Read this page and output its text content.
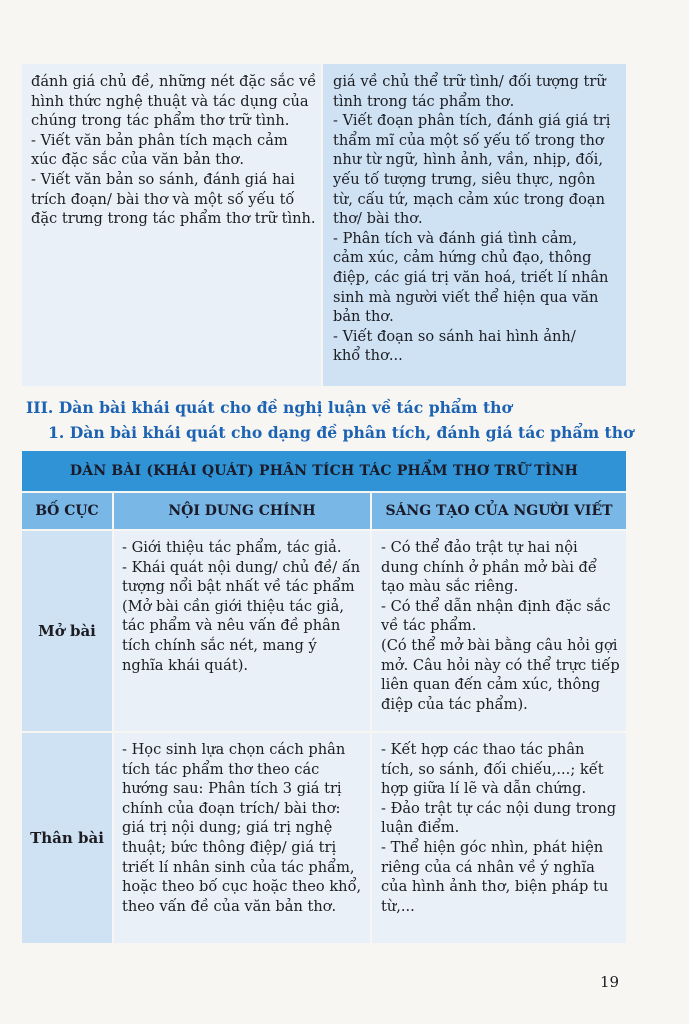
đánh giá chủ đề, những nét đặc sắc về
hình thức nghệ thuật và tác dụng của
chúng trong tác phẩm thơ trữ tình.
- Viết văn bản phân tích mạch cảm
xúc đặc sắc của văn bản thơ.
- Viết văn bản so sánh, đánh giá hai
trích đoạn/ bài thơ và một số yếu tố
đặc trưng trong tác phẩm thơ trữ tình.
giá về chủ thể trữ tình/ đối tượng trữ
tình trong tác phẩm thơ.
- Viết đoạn phân tích, đánh giá giá trị
thẩm mĩ của một số yếu tố trong thơ
như từ ngữ, hình ảnh, vần, nhịp, đối,
yếu tố tượng trưng, siêu thực, ngôn
từ, cấu tứ, mạch cảm xúc trong đoạn
thơ/ bài thơ.
- Phân tích và đánh giá tình cảm,
cảm xúc, cảm hứng chủ đạo, thông
điệp, các giá trị văn hoá, triết lí nhân
sinh mà người viết thể hiện qua văn
bản thơ.
- Viết đoạn so sánh hai hình ảnh/
khổ thơ...
III. Dàn bài khái quát cho đề nghị luận về tác phẩm thơ
1. Dàn bài khái quát cho dạng đề phân tích, đánh giá tác phẩm thơ
DÀN BÀI (KHÁI QUÁT) PHÂN TÍCH TÁC PHẨM THƠ TRỮ TÌNH
BỐ CỤC	NỘI DUNG CHÍNH	SÁNG TẠO CỦA NGƯỜI VIẾT
Mở bài
- Giới thiệu tác phẩm, tác giả.
- Khái quát nội dung/ chủ đề/ ấn
tượng nổi bật nhất về tác phẩm
(Mở bài cần giới thiệu tác giả,
tác phẩm và nêu vấn đề phân
tích chính sắc nét, mang ý
nghĩa khái quát).
- Có thể đảo trật tự hai nội
dung chính ở phần mở bài để
tạo màu sắc riêng.
- Có thể dẫn nhận định đặc sắc
về tác phẩm.
(Có thể mở bài bằng câu hỏi gợi
mở. Câu hỏi này có thể trực tiếp
liên quan đến cảm xúc, thông
điệp của tác phẩm).
Thân bài
- Học sinh lựa chọn cách phân
tích tác phẩm thơ theo các
hướng sau: Phân tích 3 giá trị
chính của đoạn trích/ bài thơ:
giá trị nội dung; giá trị nghệ
thuật; bức thông điệp/ giá trị
triết lí nhân sinh của tác phẩm,
hoặc theo bố cục hoặc theo khổ,
theo vấn đề của văn bản thơ.
- Kết hợp các thao tác phân
tích, so sánh, đối chiếu,...; kết
hợp giữa lí lẽ và dẫn chứng.
- Đảo trật tự các nội dung trong
luận điểm.
- Thể hiện góc nhìn, phát hiện
riêng của cá nhân về ý nghĩa
của hình ảnh thơ, biện pháp tu
từ,...
19
